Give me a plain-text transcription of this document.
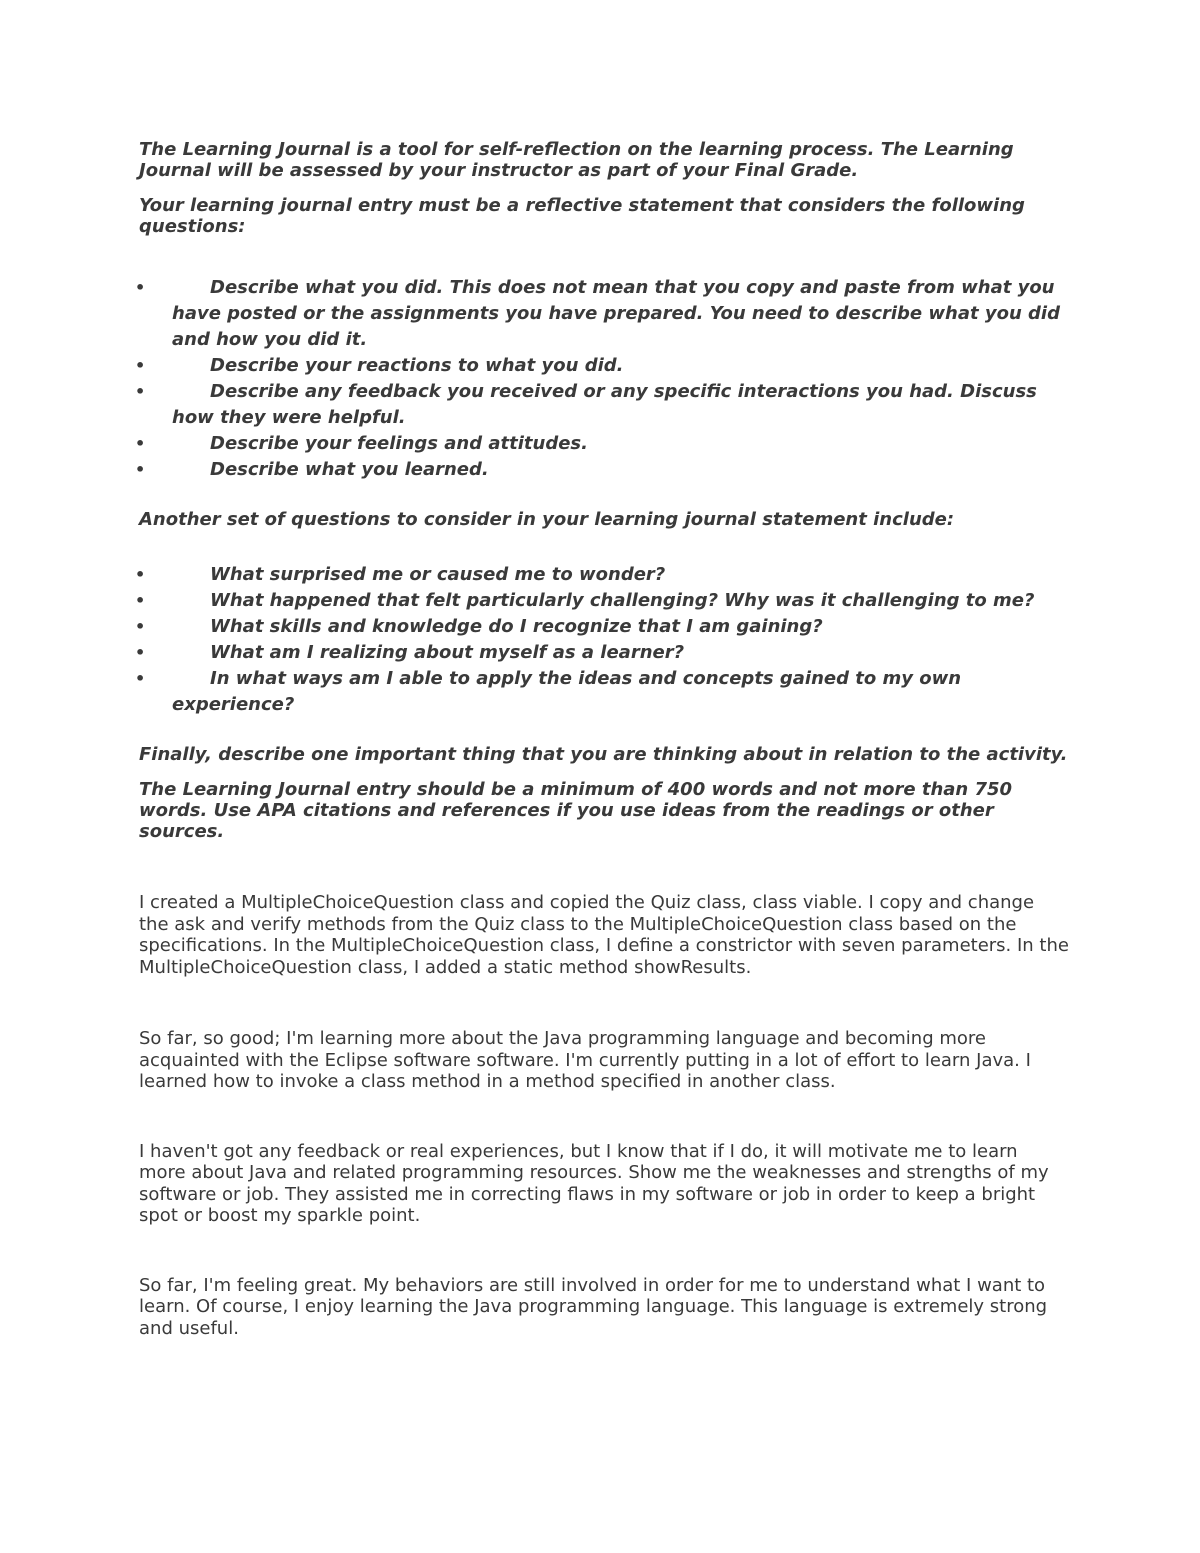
The Learning Journal is a tool for self-reflection on the learning process. The Learning Journal will be assessed by your instructor as part of your Final Grade.

Your learning journal entry must be a reflective statement that considers the following questions:

•	Describe what you did. This does not mean that you copy and paste from what you have posted or the assignments you have prepared. You need to describe what you did and how you did it.
•	Describe your reactions to what you did.
•	Describe any feedback you received or any specific interactions you had. Discuss how they were helpful.
•	Describe your feelings and attitudes.
•	Describe what you learned.

Another set of questions to consider in your learning journal statement include:

•	What surprised me or caused me to wonder?
•	What happened that felt particularly challenging? Why was it challenging to me?
•	What skills and knowledge do I recognize that I am gaining?
•	What am I realizing about myself as a learner?
•	In what ways am I able to apply the ideas and concepts gained to my own experience?

Finally, describe one important thing that you are thinking about in relation to the activity.

The Learning Journal entry should be a minimum of 400 words and not more than 750 words. Use APA citations and references if you use ideas from the readings or other sources.

I created a MultipleChoiceQuestion class and copied the Quiz class, class viable. I copy and change the ask and verify methods from the Quiz class to the MultipleChoiceQuestion class based on the specifications. In the MultipleChoiceQuestion class, I define a constrictor with seven parameters. In the MultipleChoiceQuestion class, I added a static method showResults.

So far, so good; I'm learning more about the Java programming language and becoming more acquainted with the Eclipse software software. I'm currently putting in a lot of effort to learn Java. I learned how to invoke a class method in a method specified in another class.

I haven't got any feedback or real experiences, but I know that if I do, it will motivate me to learn more about Java and related programming resources. Show me the weaknesses and strengths of my software or job. They assisted me in correcting flaws in my software or job in order to keep a bright spot or boost my sparkle point.

So far, I'm feeling great. My behaviors are still involved in order for me to understand what I want to learn. Of course, I enjoy learning the Java programming language. This language is extremely strong and useful.
